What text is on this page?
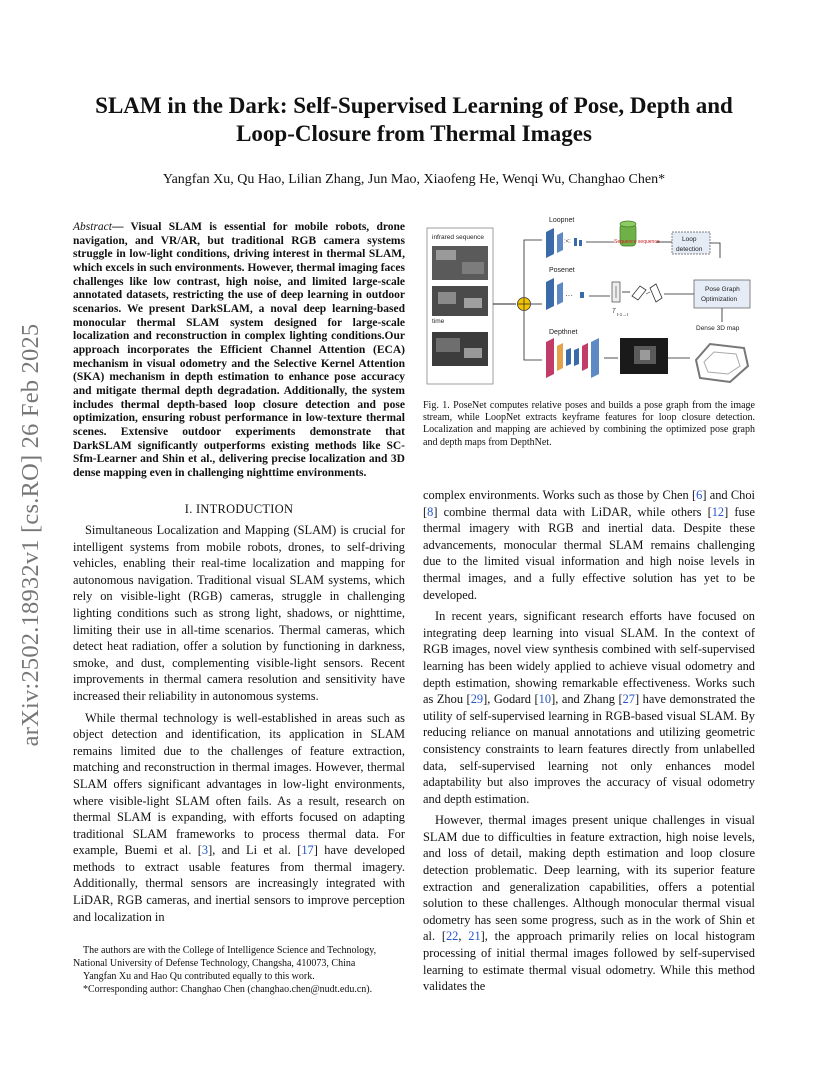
arXiv:2502.18932v1 [cs.RO] 26 Feb 2025
SLAM in the Dark: Self-Supervised Learning of Pose, Depth and
Loop-Closure from Thermal Images
Yangfan Xu, Qu Hao, Lilian Zhang, Jun Mao, Xiaofeng He, Wenqi Wu, Changhao Chen*
Abstract— Visual SLAM is essential for mobile robots, drone navigation, and VR/AR, but traditional RGB camera systems struggle in low-light conditions, driving interest in thermal SLAM, which excels in such environments. However, thermal imaging faces challenges like low contrast, high noise, and limited large-scale annotated datasets, restricting the use of deep learning in outdoor scenarios. We present DarkSLAM, a noval deep learning-based monocular thermal SLAM system designed for large-scale localization and reconstruction in complex lighting conditions.Our approach incorporates the Efficient Channel Attention (ECA) mechanism in visual odometry and the Selective Kernel Attention (SKA) mechanism in depth estimation to enhance pose accuracy and mitigate thermal depth degradation. Additionally, the system includes thermal depth-based loop closure detection and pose optimization, ensuring robust performance in low-texture thermal scenes. Extensive outdoor experiments demonstrate that DarkSLAM significantly outperforms existing methods like SC-Sfm-Learner and Shin et al., delivering precise localization and 3D dense mapping even in challenging nighttime environments.
I. INTRODUCTION

Simultaneous Localization and Mapping (SLAM) is crucial for intelligent systems from mobile robots, drones, to self-driving vehicles, enabling their real-time localization and mapping for autonomous navigation. Traditional visual SLAM systems, which rely on visible-light (RGB) cameras, struggle in challenging lighting conditions such as strong light, shadows, or nighttime, limiting their use in all-time scenarios. Thermal cameras, which detect heat radiation, offer a solution by functioning in darkness, smoke, and dust, complementing visible-light sensors. Recent improvements in thermal camera resolution and sensitivity have increased their reliability in autonomous systems.

While thermal technology is well-established in areas such as object detection and identification, its application in SLAM remains limited due to the challenges of feature extraction, matching and reconstruction in thermal images. However, thermal SLAM offers significant advantages in low-light environments, where visible-light SLAM often fails. As a result, research on thermal SLAM is expanding, with efforts focused on adapting traditional SLAM frameworks to process thermal data. For example, Buemi et al. [3], and Li et al. [17] have developed methods to extract usable features from thermal imagery. Additionally, thermal sensors are increasingly integrated with LiDAR, RGB cameras, and inertial sensors to improve perception and localization in

The authors are with the College of Intelligence Science and Technology, National University of Defense Technology, Changsha, 410073, China

Yangfan Xu and Hao Qu contributed equally to this work.

*Corresponding author: Changhao Chen (changhao.chen@nudt.edu.cn).

infrared sequence
time
Loopnet
:<:	Sequence sequence	Loop
detection
Posenet
···
T t-1→t
Pose Graph
Optimization
Depthnet
Dense 3D map
Fig. 1. PoseNet computes relative poses and builds a pose graph from the image stream, while LoopNet extracts keyframe features for loop closure detection. Localization and mapping are achieved by combining the optimized pose graph and depth maps from DepthNet.

complex environments. Works such as those by Chen [6] and Choi [8] combine thermal data with LiDAR, while others [12] fuse thermal imagery with RGB and inertial data. Despite these advancements, monocular thermal SLAM remains challenging due to the limited visual information and high noise levels in thermal images, and a fully effective solution has yet to be developed.

In recent years, significant research efforts have focused on integrating deep learning into visual SLAM. In the context of RGB images, novel view synthesis combined with self-supervised learning has been widely applied to achieve visual odometry and depth estimation, showing remarkable effectiveness. Works such as Zhou [29], Godard [10], and Zhang [27] have demonstrated the utility of self-supervised learning in RGB-based visual SLAM. By reducing reliance on manual annotations and utilizing geometric consistency constraints to learn features directly from unlabelled data, self-supervised learning not only enhances model adaptability but also improves the accuracy of visual odometry and depth estimation.

However, thermal images present unique challenges in visual SLAM due to difficulties in feature extraction, high noise levels, and loss of detail, making depth estimation and loop closure detection problematic. Deep learning, with its superior feature extraction and generalization capabilities, offers a potential solution to these challenges. Although monocular thermal visual odometry has seen some progress, such as in the work of Shin et al. [22, 21], the approach primarily relies on local histogram processing of initial thermal images followed by self-supervised learning to estimate thermal visual odometry. While this method validates the
